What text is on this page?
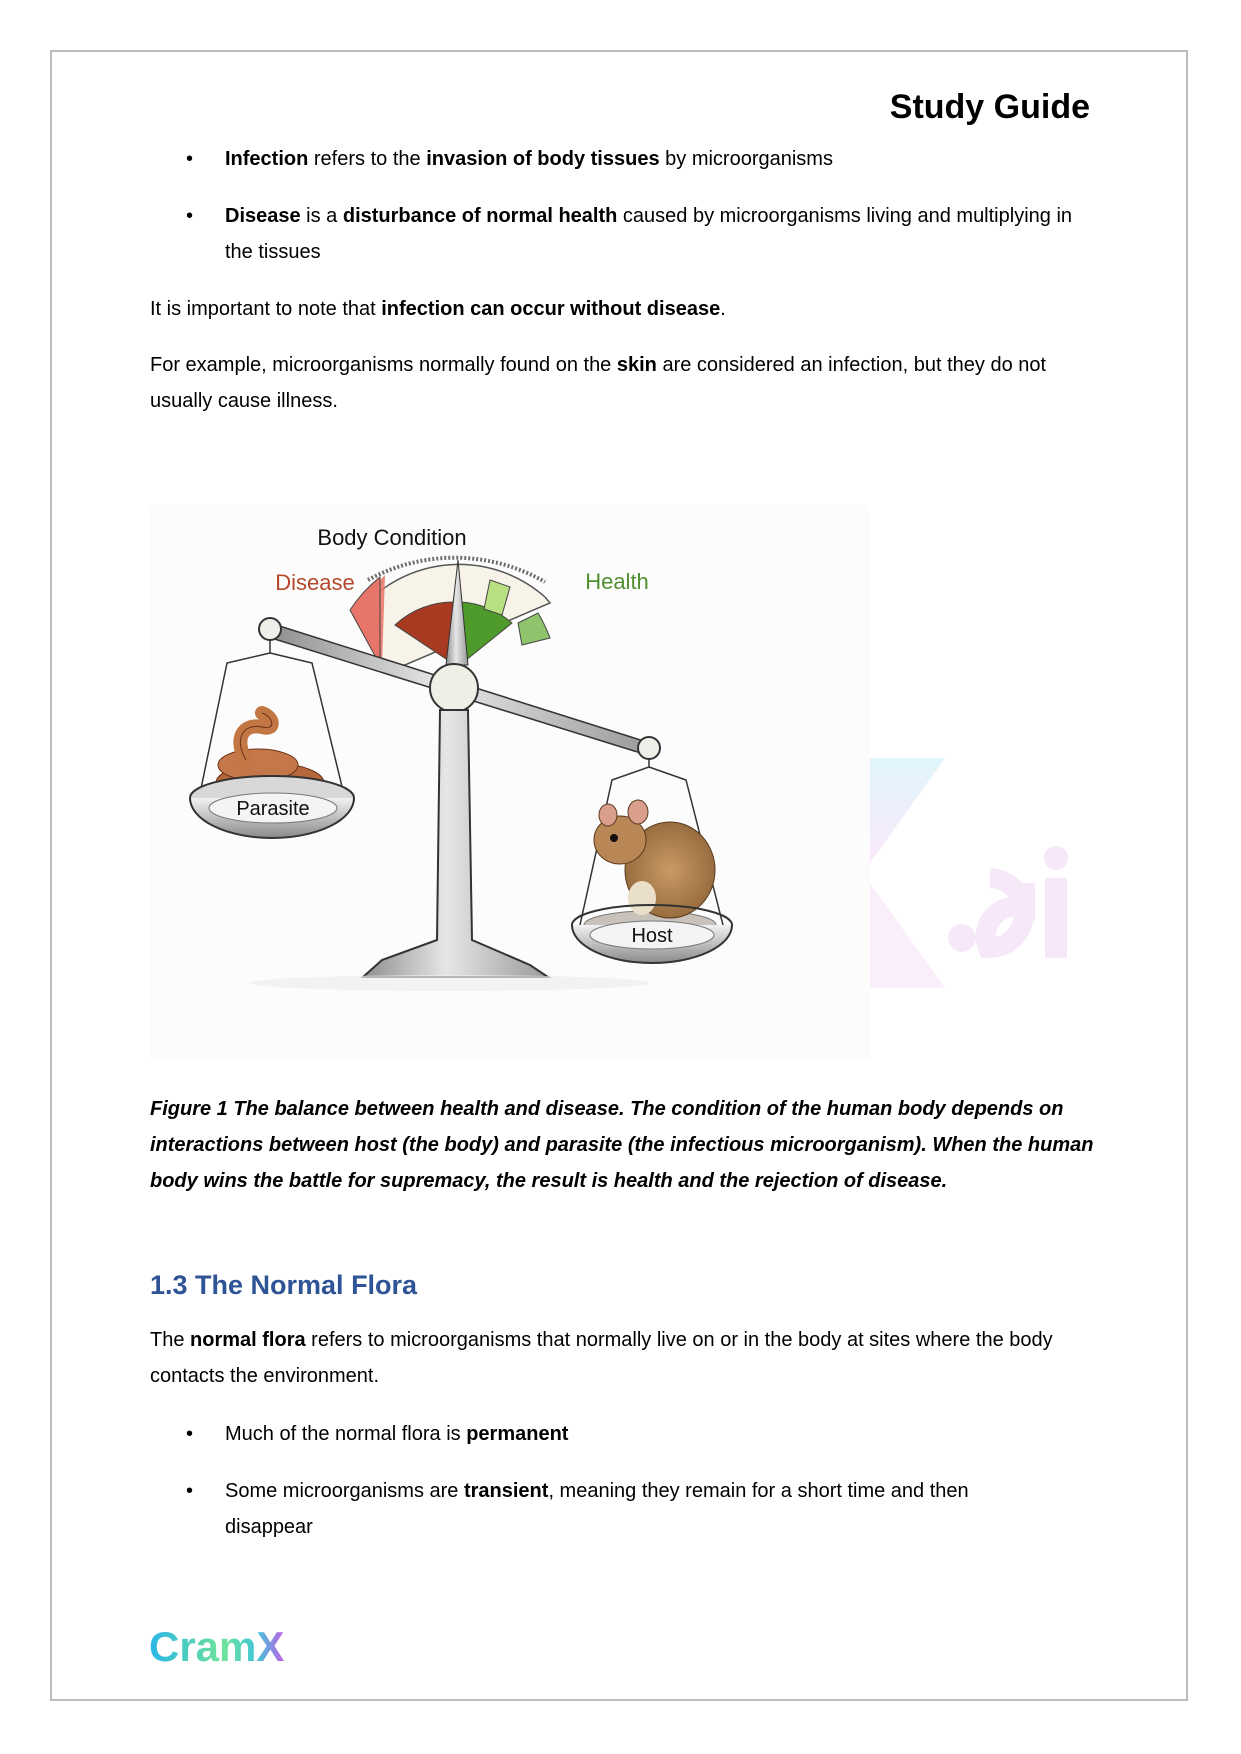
Study Guide
• Infection refers to the invasion of body tissues by microorganisms
• Disease is a disturbance of normal health caused by microorganisms living and multiplying in the tissues
It is important to note that infection can occur without disease.
For example, microorganisms normally found on the skin are considered an infection, but they do not usually cause illness.
Body Condition
Disease	Health
Parasite
Host
Figure 1 The balance between health and disease. The condition of the human body depends on interactions between host (the body) and parasite (the infectious microorganism). When the human body wins the battle for supremacy, the result is health and the rejection of disease.
1.3 The Normal Flora
The normal flora refers to microorganisms that normally live on or in the body at sites where the body contacts the environment.
• Much of the normal flora is permanent
• Some microorganisms are transient, meaning they remain for a short time and then disappear
CramX
